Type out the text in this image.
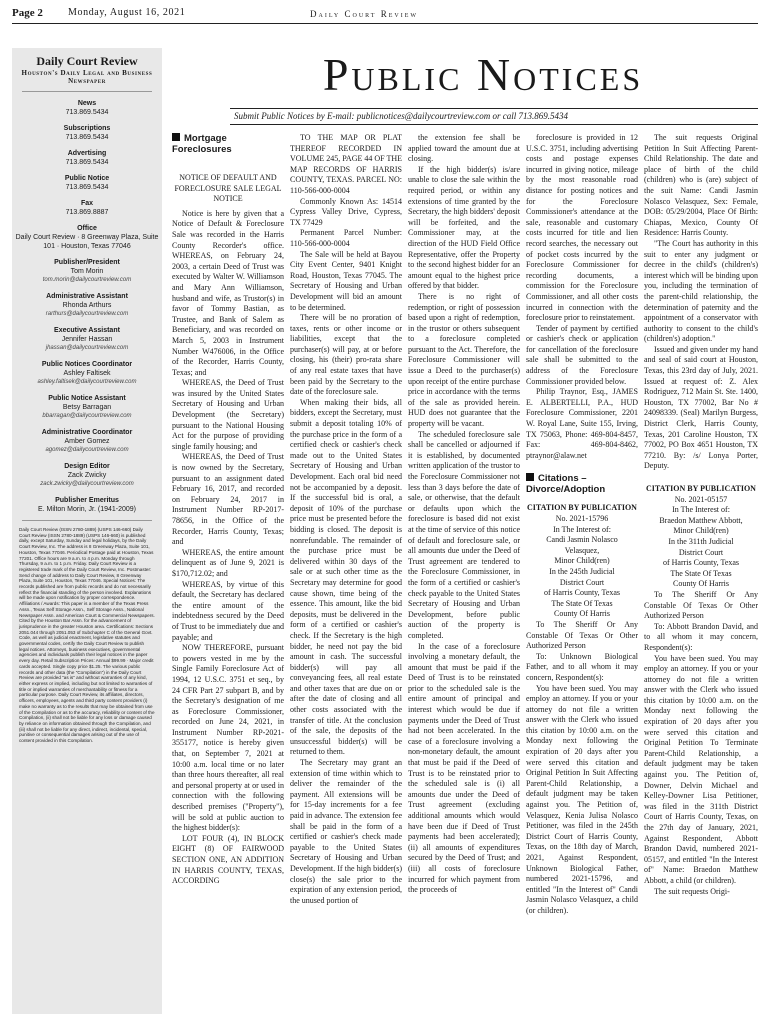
Page 2	Monday, August 16, 2021	Daily Court Review
Daily Court Review
Houston's Daily Legal and Business Newspaper
News
713.869.5434
Subscriptions
713.869.5434
Advertising
713.869.5434
Public Notice
713.869.5434
Fax
713.869.8887
Office
Daily Court Review · 8 Greenway Plaza, Suite 101 · Houston, Texas 77046
Publisher/President
Tom Morin
tom.morin@dailycourtreview.com
Administrative Assistant
Rhonda Arthurs
rarthurs@dailycourtreview.com
Executive Assistant
Jennifer Hassan
jhassan@dailycourtreview.com
Public Notices Coordinator
Ashley Faltisek
ashley.faltisek@dailycourtreview.com
Public Notice Assistant
Betsy Barragan
bbarragan@dailycourtreview.com
Administrative Coordinator
Amber Gomez
agomez@dailycourtreview.com
Design Editor
Zack Zwicky
zack.zwicky@dailycourtreview.com
Publisher Emeritus
E. Milton Morin, Jr. (1941-2009)
Daily Court Review (ISSN 2780-1889) (USPS 146-660) Daily Court Review (ISSN 2780-1889) (USPS 146-660) is published daily, except Saturday, Sunday and legal holidays, by the Daily Court Review, Inc. The address is 8 Greenway Plaza, Suite 101, Houston, Texas 77046. Periodical Postage paid at Houston, Texas 77201. Office hours are 9 a.m. to 4 p.m. Monday through Thursday, 9 a.m. to 1 p.m. Friday. Daily Court Review is a registered trade mark of the Daily Court Review, Inc. Postmaster: Send change of address to Daily Court Review, 8 Greenway Plaza, Suite 101, Houston, Texas 77046. Special Notices: The records published are from public records and do not necessarily reflect the financial standing of the person involved. Explanations will be made upon notification by proper correspondence. Affiliations / Awards: This paper is a member of the Texas Press Assn., Texas Self Storage Assn., Self Storage Assn., National Newspaper Assn. and American Court & Commercial Newspapers. Cited by the Houston Bar Assn. for the advancement of jurisprudence in the greater Houston area. Certifications: Sections 2051.044 through 2051.053 of Subchapter C of the General Govt. Code, as well as judicial enactment, legislative statutes and governmental codes, certify the Daily Court Review to publish legal notices. Attorneys, business executives, governmental agencies and individuals publish their legal notices in the paper every day. Retail Subscription Prices: Annual $99.99 · Major credit cards accepted. Single copy price $1.25. The various public records and other data (the "Compilation") in the Daily Court Review are provided "as is" and without warranties of any kind, either express or implied, including but not limited to warranties of title or implied warranties of merchantability or fitness for a particular purpose. Daily Court Review, its affiliates, directors, officers, employees, agents and third party content providers (i) make no warranty as to the results that may be obtained from use of the Compilation or as to the accuracy, reliability or content of the Compilation, (ii) shall not be liable for any loss or damage caused by reliance on information obtained through the Compilation, and (iii) shall not be liable for any direct, indirect, incidental, special, punitive or consequential damages arising out of the use of content provided in this Compilation.
Public Notices
Submit Public Notices by E-mail: publicnotices@dailycourtreview.com or call 713.869.5434
Mortgage Foreclosures

NOTICE OF DEFAULT AND FORECLOSURE SALE LEGAL NOTICE

Notice is here by given that a Notice of Default & Foreclosure Sale was recorded in the Harris County Recorder's office. WHEREAS, on February 24, 2003, a certain Deed of Trust was executed by Walter W. Williamson and Mary Ann Williamson, husband and wife, as Trustor(s) in favor of Tommy Bastian, as Trustee, and Bank of Salem as Beneficiary, and was recorded on March 5, 2003 in Instrument Number W476006, in the Office of the Recorder, Harris County, Texas; and

WHEREAS, the Deed of Trust was insured by the United States Secretary of Housing and Urban Development (the Secretary) pursuant to the National Housing Act for the purpose of providing single family housing; and

WHEREAS, the Deed of Trust is now owned by the Secretary, pursuant to an assignment dated February 16, 2017, and recorded on February 24, 2017 in Instrument Number RP-2017-78656, in the Office of the Recorder, Harris County, Texas; and

WHEREAS, the entire amount delinquent as of June 9, 2021 is $170,712.02; and

WHEREAS, by virtue of this default, the Secretary has declared the entire amount of the indebtedness secured by the Deed of Trust to be immediately due and payable; and

NOW THEREFORE, pursuant to powers vested in me by the Single Family Foreclosure Act of 1994, 12 U.S.C. 3751 et seq., by 24 CFR Part 27 subpart B, and by the Secretary's designation of me as Foreclosure Commissioner, recorded on June 24, 2021, in Instrument Number RP-2021-355177, notice is hereby given that, on September 7, 2021 at 10:00 a.m. local time or no later than three hours thereafter, all real and personal property at or used in connection with the following described premises ("Property"), will be sold at public auction to the highest bidder(s):

LOT FOUR (4), IN BLOCK EIGHT (8) OF FAIRWOOD SECTION ONE, AN ADDITION IN HARRIS COUNTY, TEXAS, ACCORDING

TO THE MAP OR PLAT THEREOF RECORDED IN VOLUME 245, PAGE 44 OF THE MAP RECORDS OF HARRIS COUNTY, TEXAS. PARCEL NO: 110-566-000-0004

Commonly Known As: 14514 Cypress Valley Drive, Cypress, TX 77429

Permanent Parcel Number: 110-566-000-0004

The Sale will be held at Bayou City Event Center, 9401 Knight Road, Houston, Texas 77045. The Secretary of Housing and Urban Development will bid an amount to be determined.

There will be no proration of taxes, rents or other income or liabilities, except that the purchaser(s) will pay, at or before closing, his (their) pro-rata share of any real estate taxes that have been paid by the Secretary to the date of the foreclosure sale.

When making their bids, all bidders, except the Secretary, must submit a deposit totaling 10% of the purchase price in the form of a certified check or cashier's check made out to the United States Secretary of Housing and Urban Development. Each oral bid need not be accompanied by a deposit. If the successful bid is oral, a deposit of 10% of the purchase price must be presented before the bidding is closed. The deposit is nonrefundable. The remainder of the purchase price must be delivered within 30 days of the sale or at such other time as the Secretary may determine for good cause shown, time being of the essence. This amount, like the bid deposits, must be delivered in the form of a certified or cashier's check. If the Secretary is the high bidder, he need not pay the bid amount in cash. The successful bidder(s) will pay all conveyancing fees, all real estate and other taxes that are due on or after the date of closing and all other costs associated with the transfer of title. At the conclusion of the sale, the deposits of the unsuccessful bidder(s) will be returned to them.

The Secretary may grant an extension of time within which to deliver the remainder of the payment. All extensions will be for 15-day increments for a fee paid in advance. The extension fee shall be paid in the form of a certified or cashier's check made payable to the United States Secretary of Housing and Urban Development. If the high bidder(s) close(s) the sale prior to the expiration of any extension period, the unused portion of

the extension fee shall be applied toward the amount due at closing.

If the high bidder(s) is/are unable to close the sale within the required period, or within any extensions of time granted by the Secretary, the high bidders' deposit will be forfeited, and the Commissioner may, at the direction of the HUD Field Office Representative, offer the Property to the second highest bidder for an amount equal to the highest price offered by that bidder.

There is no right of redemption, or right of possession based upon a right of redemption, in the trustor or others subsequent to a foreclosure completed pursuant to the Act. Therefore, the Foreclosure Commissioner will issue a Deed to the purchaser(s) upon receipt of the entire purchase price in accordance with the terms of the sale as provided herein. HUD does not guarantee that the property will be vacant.

The scheduled foreclosure sale shall be cancelled or adjourned if it is established, by documented written application of the trustor to the Foreclosure Commissioner not less than 3 days before the date of sale, or otherwise, that the default or defaults upon which the foreclosure is based did not exist at the time of service of this notice of default and foreclosure sale, or all amounts due under the Deed of Trust agreement are tendered to the Foreclosure Commissioner, in the form of a certified or cashier's check payable to the United States Secretary of Housing and Urban Development, before public auction of the property is completed.

In the case of a foreclosure involving a monetary default, the amount that must be paid if the Deed of Trust is to be reinstated prior to the scheduled sale is the entire amount of principal and interest which would be due if payments under the Deed of Trust had not been accelerated. In the case of a foreclosure involving a non-monetary default, the amount that must be paid if the Deed of Trust is to be reinstated prior to the scheduled sale is (i) all amounts due under the Deed of Trust agreement (excluding additional amounts which would have been due if Deed of Trust payments had been accelerated); (ii) all amounts of expenditures secured by the Deed of Trust; and (iii) all costs of foreclosure incurred for which payment from the proceeds of

foreclosure is provided in 12 U.S.C. 3751, including advertising costs and postage expenses incurred in giving notice, mileage by the most reasonable road distance for posting notices and for the Foreclosure Commissioner's attendance at the sale, reasonable and customary costs incurred for title and lien record searches, the necessary out of pocket costs incurred by the Foreclosure Commissioner for recording documents, a commission for the Foreclosure Commissioner, and all other costs incurred in connection with the foreclosure prior to reinstatement.

Tender of payment by certified or cashier's check or application for cancellation of the foreclosure sale shall be submitted to the address of the Foreclosure Commissioner provided below.

Philip Traynor, Esq., JAMES E. ALBERTELLI, P.A., HUD Foreclosure Commissioner, 2201 W. Royal Lane, Suite 155, Irving, TX 75063, Phone: 469-804-8457, Fax: 469-804-8462, ptraynor@alaw.net

Citations – Divorce/Adoption

CITATION BY PUBLICATION

No. 2021-15796

In The Interest of:

Candi Jasmin Nolasco

Velasquez,

Minor Child(ren)

In the 245th Judicial

District Court

of Harris County, Texas

The State Of Texas

County Of Harris

To The Sheriff Or Any Constable Of Texas Or Other Authorized Person

To: Unknown Biological Father, and to all whom it may concern, Respondent(s):

You have been sued. You may employ an attorney. If you or your attorney do not file a written answer with the Clerk who issued this citation by 10:00 a.m. on the Monday next following the expiration of 20 days after you were served this citation and Original Petition In Suit Affecting Parent-Child Relationship, a default judgment may be taken against you. The Petition of, Velasquez, Kenia Julisa Nolasco Petitioner, was filed in the 245th District Court of Harris County, Texas, on the 18th day of March, 2021, Against Respondent, Unknown Biological Father, numbered 2021-15796, and entitled "In the Interest of" Candi Jasmin Nolasco Velasquez, a child (or children).

The suit requests Original Petition In Suit Affecting Parent-Child Relationship. The date and place of birth of the child (children) who is (are) subject of the suit Name: Candi Jasmin Nolasco Velasquez, Sex: Female, DOB: 05/29/2004, Place Of Birth: Chiapas, Mexico, County Of Residence: Harris County.

"The Court has authority in this suit to enter any judgment or decree in the child's (children's) interest which will be binding upon you, including the termination of the parent-child relationship, the determination of paternity and the appointment of a conservator with authority to consent to the child's (children's) adoption."

Issued and given under my hand and seal of said court at Houston, Texas, this 23rd day of July, 2021. Issued at request of: Z. Alex Rodriguez, 712 Main St. Ste. 1400, Houston, TX 77002, Bar No # 24098339. (Seal) Marilyn Burgess, District Clerk, Harris County, Texas, 201 Caroline Houston, TX 77002, PO Box 4651 Houston, TX 77210. By: /s/ Lonya Porter, Deputy.

CITATION BY PUBLICATION

No. 2021-05157

In The Interest of:

Braedon Matthew Abbott,

Minor Child(ren)

In the 311th Judicial

District Court

of Harris County, Texas

The State Of Texas

County Of Harris

To The Sheriff Or Any Constable Of Texas Or Other Authorized Person

To: Abbott Brandon David, and to all whom it may concern, Respondent(s):

You have been sued. You may employ an attorney. If you or your attorney do not file a written answer with the Clerk who issued this citation by 10:00 a.m. on the Monday next following the expiration of 20 days after you were served this citation and Original Petition To Terminate Parent-Child Relationship, a default judgment may be taken against you. The Petition of, Downer, Delvin Michael and Kelley-Downer Lisa Petitioner, was filed in the 311th District Court of Harris County, Texas, on the 27th day of January, 2021, Against Respondent, Abbott Brandon David, numbered 2021-05157, and entitled "In the Interest of" Name: Braedon Matthew Abbott, a child (or children).

The suit requests Origi-
